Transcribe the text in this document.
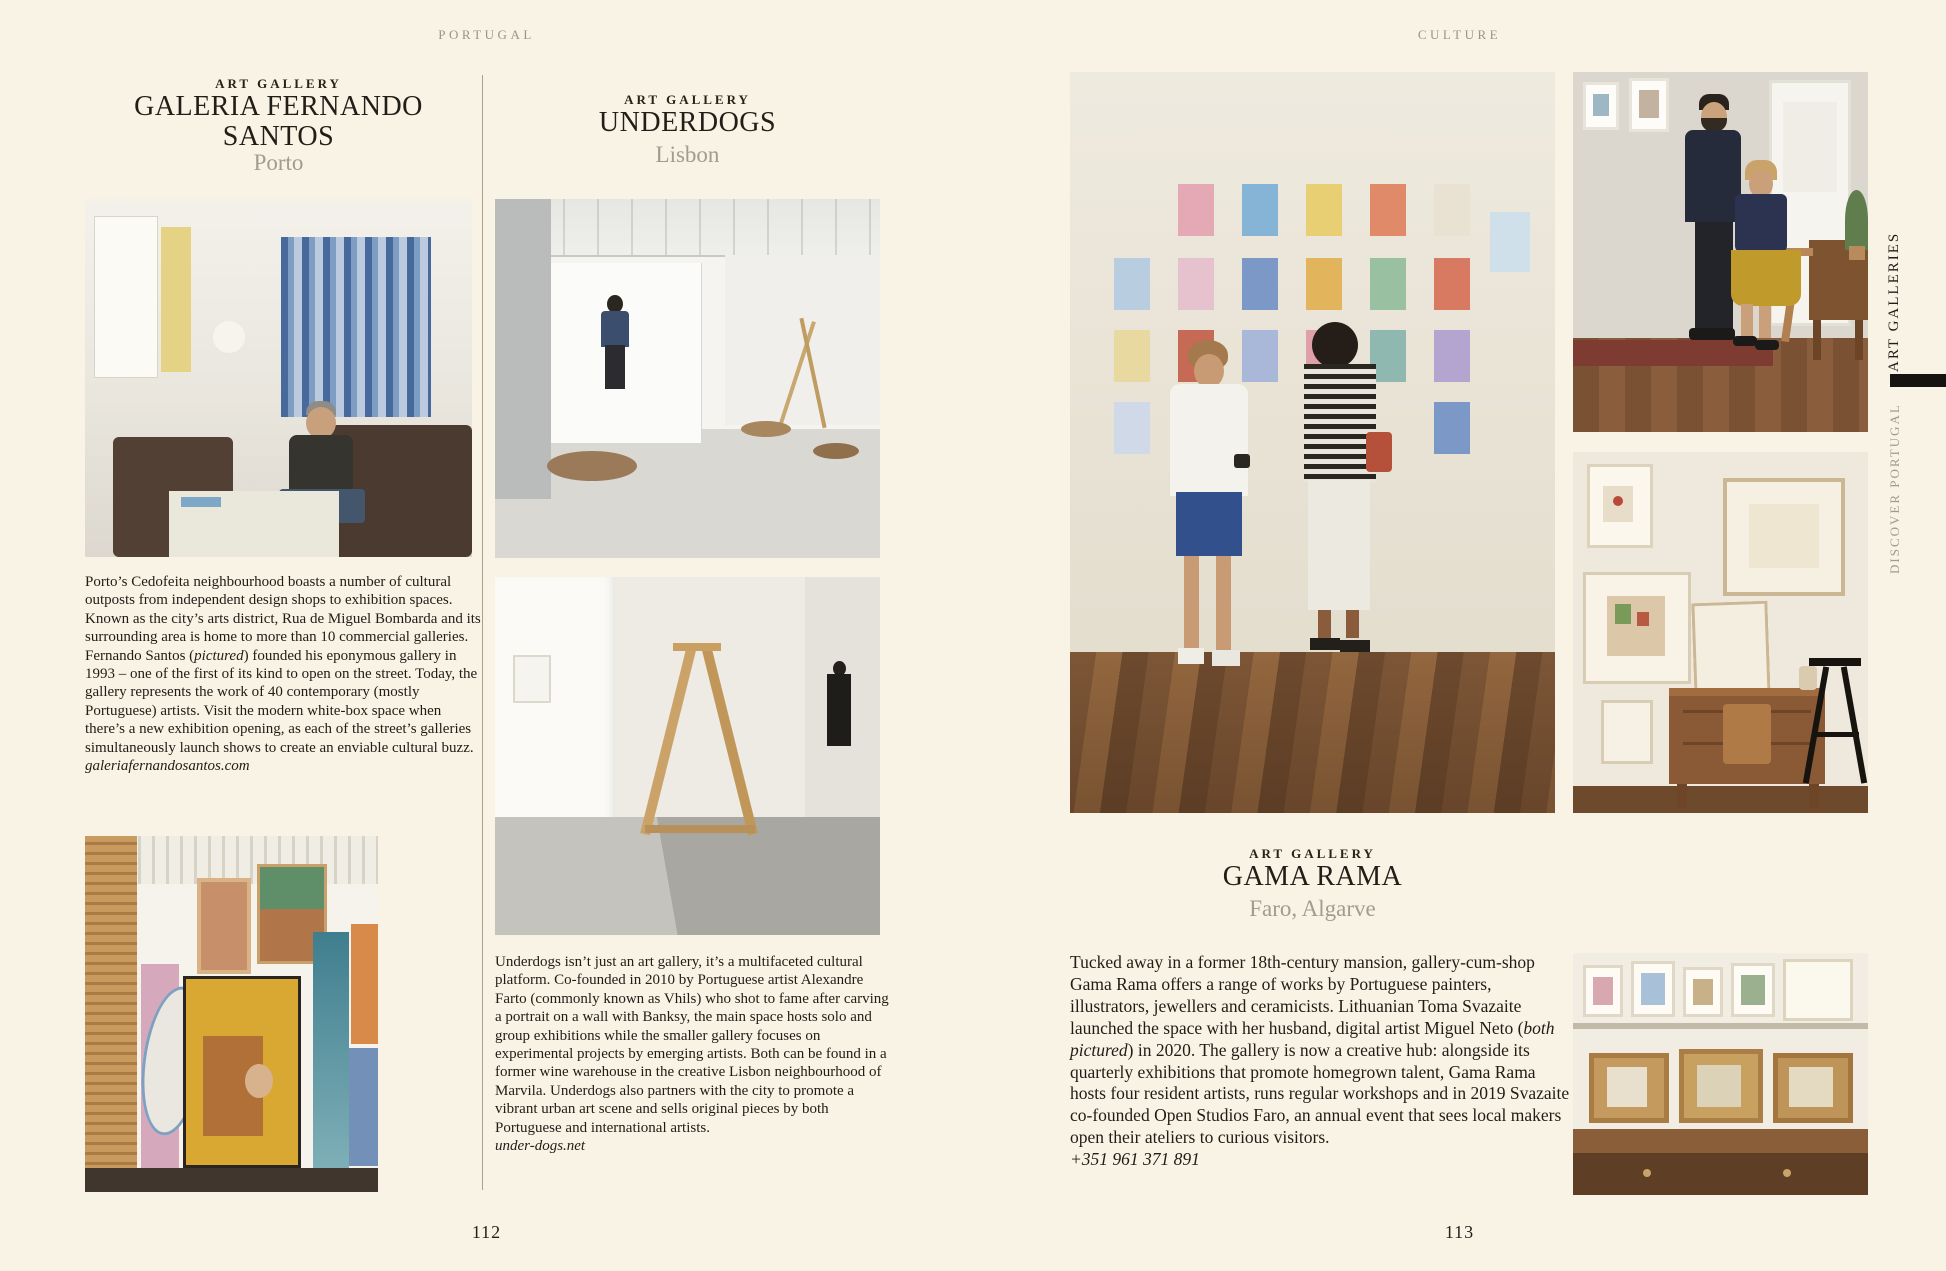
PORTUGAL	CULTURE
ART GALLERY
GALERIA FERNANDO SANTOS
Porto

Porto’s Cedofeita neighbourhood boasts a number of cultural outposts from independent design shops to exhibition spaces. Known as the city’s arts district, Rua de Miguel Bombarda and its surrounding area is home to more than 10 commercial galleries. Fernando Santos (pictured) founded his eponymous gallery in 1993 – one of the first of its kind to open on the street. Today, the gallery represents the work of 40 contemporary (mostly Portuguese) artists. Visit the modern white-box space when there’s a new exhibition opening, as each of the street’s galleries simultaneously launch shows to create an enviable cultural buzz.
galeriafernandosantos.com

ART GALLERY
UNDERDOGS
Lisbon

Underdogs isn’t just an art gallery, it’s a multifaceted cultural platform. Co-founded in 2010 by Portuguese artist Alexandre Farto (commonly known as Vhils) who shot to fame after carving a portrait on a wall with Banksy, the main space hosts solo and group exhibitions while the smaller gallery focuses on experimental projects by emerging artists. Both can be found in a former wine warehouse in the creative Lisbon neighbourhood of Marvila. Underdogs also partners with the city to promote a vibrant urban art scene and sells original pieces by both Portuguese and international artists.
under-dogs.net

112
ART GALLERY
GAMA RAMA
Faro, Algarve

Tucked away in a former 18th-century mansion, gallery-cum-shop Gama Rama offers a range of works by Portuguese painters, illustrators, jewellers and ceramicists. Lithuanian Toma Svazaite launched the space with her husband, digital artist Miguel Neto (both pictured) in 2020. The gallery is now a creative hub: alongside its quarterly exhibitions that promote homegrown talent, Gama Rama hosts four resident artists, runs regular workshops and in 2019 Svazaite co-founded Open Studios Faro, an annual event that sees local makers open their ateliers to curious visitors.
+351 961 371 891

ART GALLERIES
DISCOVER PORTUGAL
113
